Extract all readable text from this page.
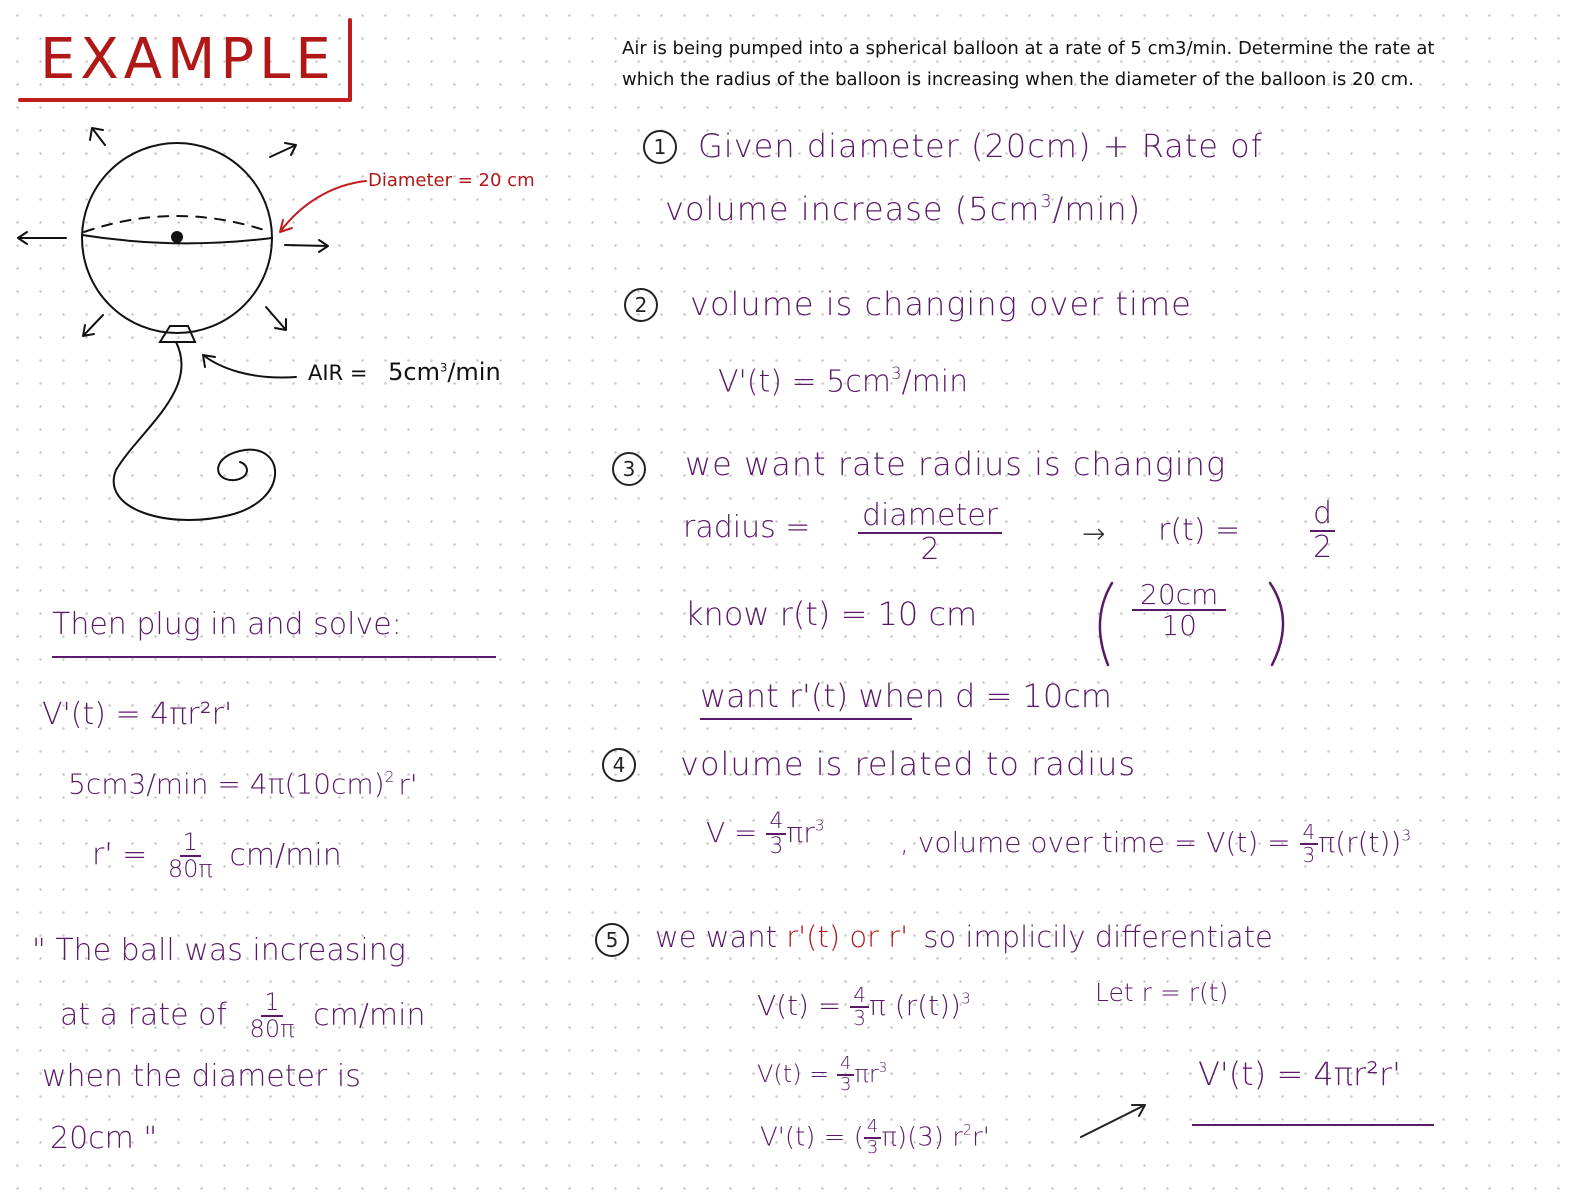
EXAMPLE	Air is being pumped into a spherical balloon at a rate of 5 cm3/min. Determine the rate at
which the radius of the balloon is increasing when the diameter of the balloon is 20 cm.
Diameter = 20 cm
AIR = $5cm^3/\min$
Then plug in and solve:
V'(t) = 4πr²r'
$5cm3/\min = 4\pi(10cm)^2$ r'
$r' = \frac{1}{80\pi} cm/\min$
" The ball was increasing
at a rate of $\frac{1}{80\pi} cm/\min$
when the diameter is
20cm "
1 Given diameter (20cm) + Rate of
volume increase $(5cm^3/\min)$
2	volume is changing over time
$V'(t) = 5cm^3/\min$
3	we want rate radius is changing
radius = diameter
2	→ $r(t) = \frac{d}{2}$
know r(t) = 10 cm	$\frac{20cm}{10}$
want r'(t) when d = 10cm
4	volume is related to radius
$V = \frac{4}{3} \pi r^3$
, volume over time = $V(t) = \frac{4}{3} \pi(r(t))^3$
5	we want r'(t) or r' so implicily differentiate
$V(t) = \frac{4}{3}$ π $(r(t))^3$	Let r = r(t)
$V(t) = \frac{4}{3} \pi r^3$
V'(t) = ( $\frac{4}{3} \pi)(3)$ $r^2r'$
V'(t) = 4πr²r'
